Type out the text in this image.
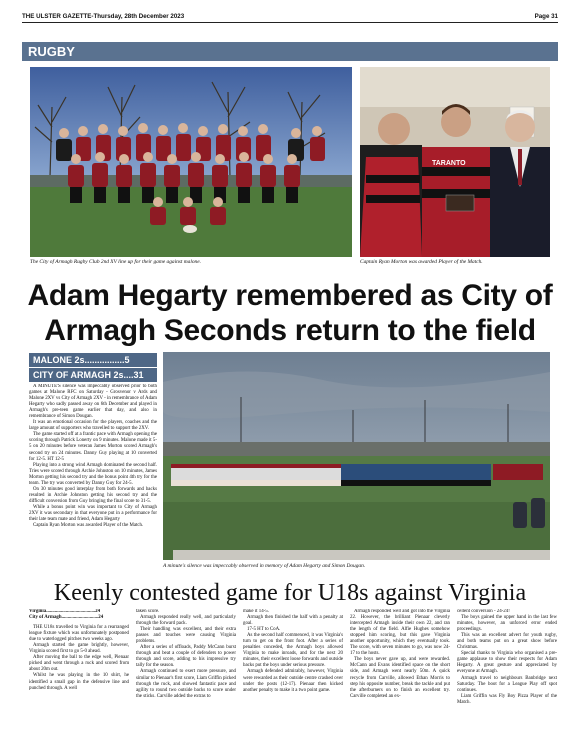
THE ULSTER GAZETTE-Thursday, 28th December 2023	Page 31
RUGBY
The City of Armagh Rugby Club 2nd XV line up for their game against malone.
TARANTO
Captain Ryan Morton was awarded Player of the Match.
Adam Hegarty remembered as City of Armagh Seconds return to the field
MALONE 2s................5
CITY OF ARMAGH 2s....31

A MINUTE'S silence was impeccably observed prior to both games at Malone RFC on Saturday - Grosvenor v Ards and Malone 2XV vs City of Armagh 2XV - in remembrance of Adam Hegarty who sadly passed away on 6th December and played in Armagh's pre-teen game earlier that day, and also in remembrance of Simon Dougan.

It was an emotional occasion for the players, coaches and the large amount of supporters who travelled to support the 2XV.

The game started off at a frantic pace with Armagh opening the scoring through Patrick Lonerty on 9 minutes. Malone made it 5-5 on 20 minutes before veteran James Morton scored Armagh's second try on 24 minutes. Danny Guy playing at 10 converted for 12-5. HT 12-5

Playing into a strong wind Armagh dominated the second half. Tries were scored through Archie Johnston on 10 minutes, James Morton getting his second try and the bonus point 4th try for the team. The try was converted by Danny Guy for 24-5.

On 30 minutes good interplay from both forwards and backs resulted in Archie Johnston getting his second try and the difficult conversion from Guy bringing the final score to 31-5.

While a bonus point win was important to City of Armagh 2XV it was secondary in that everyone put in a performance for their late team mate and friend, Adam Hegarty

Captain Ryan Morton was awarded Player of the Match.

A minute's silence was impeccably observed in memory of Adam Hegarty and Simon Dougan.
Keenly contested game for U18s against Virginia
Virginia........................................24
City of Armagh..............................24

THE U18s travelled to Virginia for a rearranged league fixture which was unfortunately postponed due to waterlogged pitches two weeks ago.

Armagh started the game brightly, however, Virginia scored first to go 5-0 ahead.

After moving the ball to the edge well, Pienaar picked and went through a ruck and scored from about 20m out.

Whilst he was playing in the 10 shirt, he identified a small gap in the defensive line and punched through. A well

taken score.

Armagh responded really well, and particularly through the forward pack.

Their handling was excellent, and their extra passes and touches were causing Virginia problems.

After a series of offloads, Paddy McCann burst through and beat a couple of defenders to power through and score, adding to his impressive try tally for the season.

Armagh continued to exert more pressure, and similar to Pienaar's first score, Liam Griffin picked through the ruck, and showed fantastic pace and agility to round two outside backs to score under the sticks. Carville added the extras to

make it 14-5.

Armagh then finished the half with a penalty at goal.

17-5 HT to CoA.

As the second half commenced, it was Virginia's turn to get on the front foot. After a series of penalties conceded, the Armagh boys allowed Virginia to make inroads, and for the next 20 minutes, their excellent loose forwards and outside backs put the boys under serious pressure.

Armagh defended admirably, however, Virginia were rewarded as their outside centre crashed over under the posts (12-17). Pienaar then kicked another penalty to make it a two point game.

Armagh responded well and got into the Virginia 22. However, the brilliant Pienaar cleverly intercepted Armagh inside their own 22, and ran the length of the field. Alfie Hughes somehow stopped him scoring, but this gave Virginia another opportunity, which they eventually took. The score, with seven minutes to go, was now 24-17 to the hosts.

The boys never gave up, and were rewarded. McCann and Evans identified space on the short side, and Armagh went nearly 50m. A quick recycle from Carville, allowed Ethan Morris to step his opposite number, break the tackle and put the afterburners on to finish an excellent try. Carville completed an ex-

cellent conversion - 24-24!

The boys gained the upper hand in the last few minutes, however, an unforced error ended proceedings.

This was an excellent advert for youth rugby, and both teams put on a great show before Christmas.

Special thanks to Virginia who organised a pre-game applause to show their respects for Adam Hegarty. A great gesture and appreciated by everyone at Armagh.

Armagh travel to neighbours Banbridge next Saturday. The boot for a League Play off spot continues.

Liam Griffin was Fly Boy Pizza Player of the Match.
